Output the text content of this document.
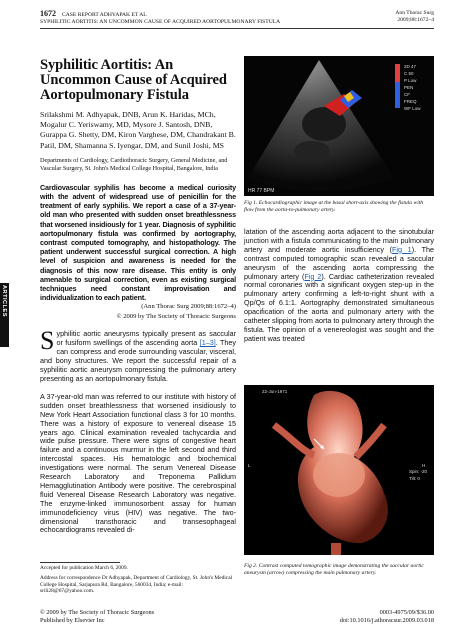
1672 CASE REPORT ADHYAPAK ET AL
SYPHILITIC AORTITIS: AN UNCOMMON CAUSE OF ACQUIRED AORTOPULMONARY FISTULA
Ann Thorac Surg
2009;88:1672–4
Syphilitic Aortitis: An Uncommon Cause of Acquired Aortopulmonary Fistula
Srilakshmi M. Adhyapak, DNB, Arun K. Haridas, MCh, Mogalur C. Yeriswamy, MD, Mysore J. Santosh, DNB, Gurappa G. Shetty, DM, Kiron Varghese, DM, Chandrakant B. Patil, DM, Shamanna S. Iyengar, DM, and Sunil Joshi, MS
Departments of Cardiology, Cardiothoracic Surgery, General Medicine, and Vascular Surgery, St. John's Medical College Hospital, Bangalore, India

Cardiovascular syphilis has become a medical curiosity with the advent of widespread use of penicillin for the treatment of early syphilis. We report a case of a 37-year-old man who presented with sudden onset breathlessness that worsened insidiously for 1 year. Diagnosis of syphilitic aortopulmonary fistula was confirmed by aortography, contrast computed tomography, and histopathology. The patient underwent successful surgical correction. A high level of suspicion and awareness is needed for the diagnosis of this now rare disease. This entity is only amenable to surgical correction, even as existing surgical techniques need constant improvisation and individualization to each patient.

(Ann Thorac Surg 2009;88:1672–4)
© 2009 by The Society of Thoracic Surgeons

Syphilitic aortic aneurysms typically present as saccular or fusiform swellings of the ascending aorta [1–3]. They can compress and erode surrounding vascular, visceral, and bony structures. We report the successful repair of a syphilitic aortic aneurysm compressing the pulmonary artery presenting as an aortopulmonary fistula.

A 37-year-old man was referred to our institute with history of sudden onset breathlessness that worsened insidiously to New York Heart Association functional class 3 for 10 months. There was a history of exposure to venereal disease 15 years ago. Clinical examination revealed tachycardia and wide pulse pressure. There were signs of congestive heart failure and a continuous murmur in the left second and third intercostal spaces. His hematologic and biochemical investigations were normal. The serum Venereal Disease Research Laboratory and Treponema Pallidum Hemagglutination Antibody were positive. The cerebrospinal fluid Venereal Disease Research Laboratory was negative. The enzyme-linked immunosorbent assay for human immunodeficiency virus (HIV) was negative. The two-dimensional transthoracic and transesophageal echocardiograms revealed di-

FEATURE ARTICLES
Accepted for publication March 6, 2009.
Address for correspondence Dr Adhyapak, Department of Cardiology, St. John's Medical College Hospital, Sarjapura Rd, Bangalore, 560034, India; e-mail: srili28@67@yahoo.com.
© 2009 by The Society of Thoracic Surgeons
Published by Elsevier Inc
0003-4975/09/$36.00
doi:10.1016/j.athoracsur.2009.03.018
HR 77 BPM
2D 47
C 50
P Low
PEN
CF
FREQ
WF Low
Fig 1. Echocardiographic image at the basal short-axis showing the fistula with flow from the aorta-to-pulmonary artery.

latation of the ascending aorta adjacent to the sinotubular junction with a fistula communicating to the main pulmonary artery and moderate aortic insufficiency (Fig 1). The contrast computed tomographic scan revealed a saccular aneurysm of the ascending aorta compressing the pulmonary artery (Fig 2). Cardiac catheterization revealed normal coronaries with a significant oxygen step-up in the pulmonary artery confirming a left-to-right shunt with a Qp/Qs of 6.1:1. Aortography demonstrated simultaneous opacification of the aorta and pulmonary artery with the catheter slipping from aorta to pulmonary artery through the fistula. The opinion of a venereologist was sought and the patient was treated

22-Jun-1971
L
Spin: -20
Tilt: 0
H
Fig 2. Contrast computed tomographic image demonstrating the saccular aortic aneurysm (arrow) compressing the main pulmonary artery.
